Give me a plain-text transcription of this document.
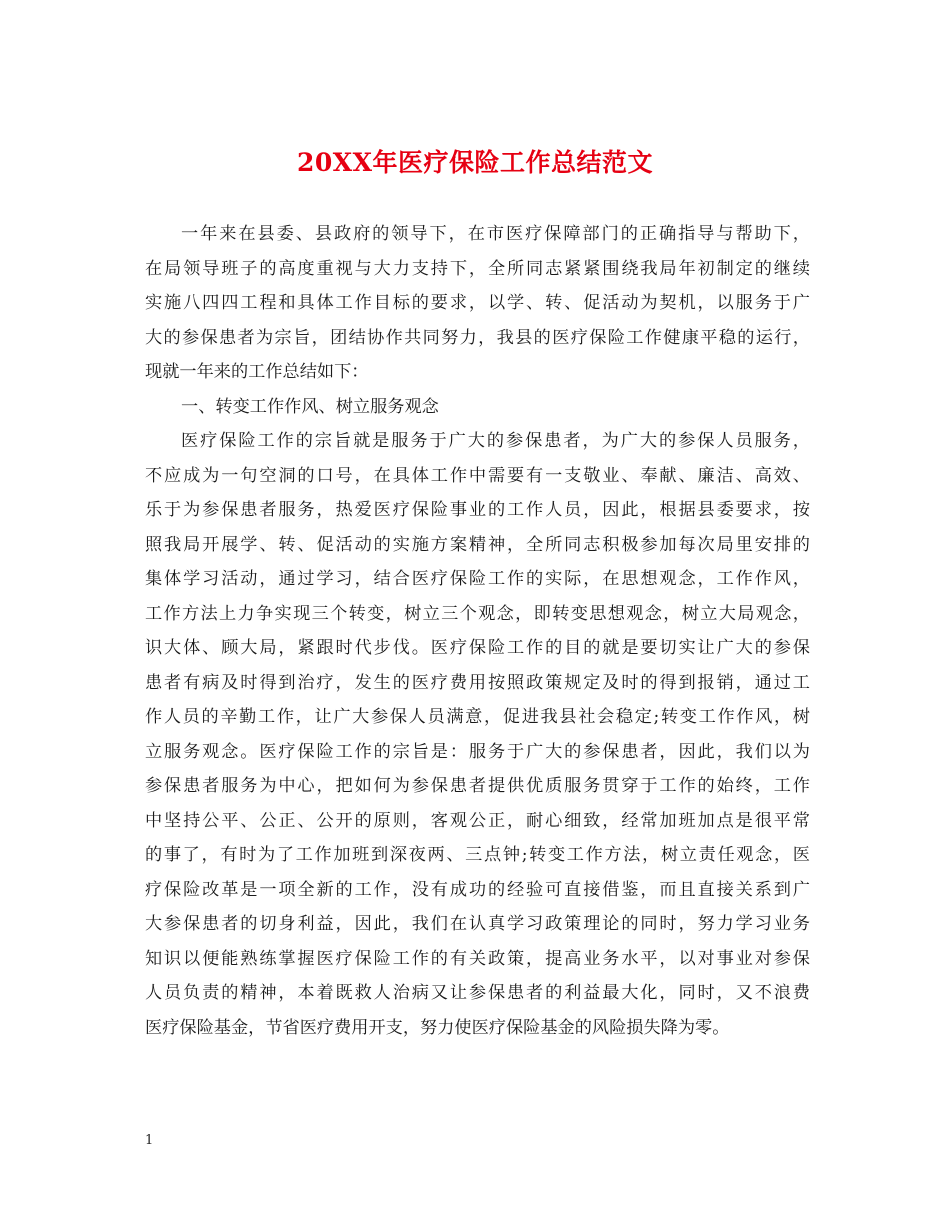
20XX年医疗保险工作总结范文
一年来在县委、县政府的领导下，在市医疗保障部门的正确指导与帮助下，
在局领导班子的高度重视与大力支持下，全所同志紧紧围绕我局年初制定的继续
实施八四四工程和具体工作目标的要求，以学、转、促活动为契机，以服务于广
大的参保患者为宗旨，团结协作共同努力，我县的医疗保险工作健康平稳的运行，
现就一年来的工作总结如下：
一、转变工作作风、树立服务观念
医疗保险工作的宗旨就是服务于广大的参保患者，为广大的参保人员服务，
不应成为一句空洞的口号，在具体工作中需要有一支敬业、奉献、廉洁、高效、
乐于为参保患者服务，热爱医疗保险事业的工作人员，因此，根据县委要求，按
照我局开展学、转、促活动的实施方案精神，全所同志积极参加每次局里安排的
集体学习活动，通过学习，结合医疗保险工作的实际，在思想观念，工作作风，
工作方法上力争实现三个转变，树立三个观念，即转变思想观念，树立大局观念，
识大体、顾大局，紧跟时代步伐。医疗保险工作的目的就是要切实让广大的参保
患者有病及时得到治疗，发生的医疗费用按照政策规定及时的得到报销，通过工
作人员的辛勤工作，让广大参保人员满意，促进我县社会稳定;转变工作作风，树
立服务观念。医疗保险工作的宗旨是：服务于广大的参保患者，因此，我们以为
参保患者服务为中心，把如何为参保患者提供优质服务贯穿于工作的始终，工作
中坚持公平、公正、公开的原则，客观公正，耐心细致，经常加班加点是很平常
的事了，有时为了工作加班到深夜两、三点钟;转变工作方法，树立责任观念，医
疗保险改革是一项全新的工作，没有成功的经验可直接借鉴，而且直接关系到广
大参保患者的切身利益，因此，我们在认真学习政策理论的同时，努力学习业务
知识以便能熟练掌握医疗保险工作的有关政策，提高业务水平，以对事业对参保
人员负责的精神，本着既救人治病又让参保患者的利益最大化，同时，又不浪费
医疗保险基金，节省医疗费用开支，努力使医疗保险基金的风险损失降为零。
1
